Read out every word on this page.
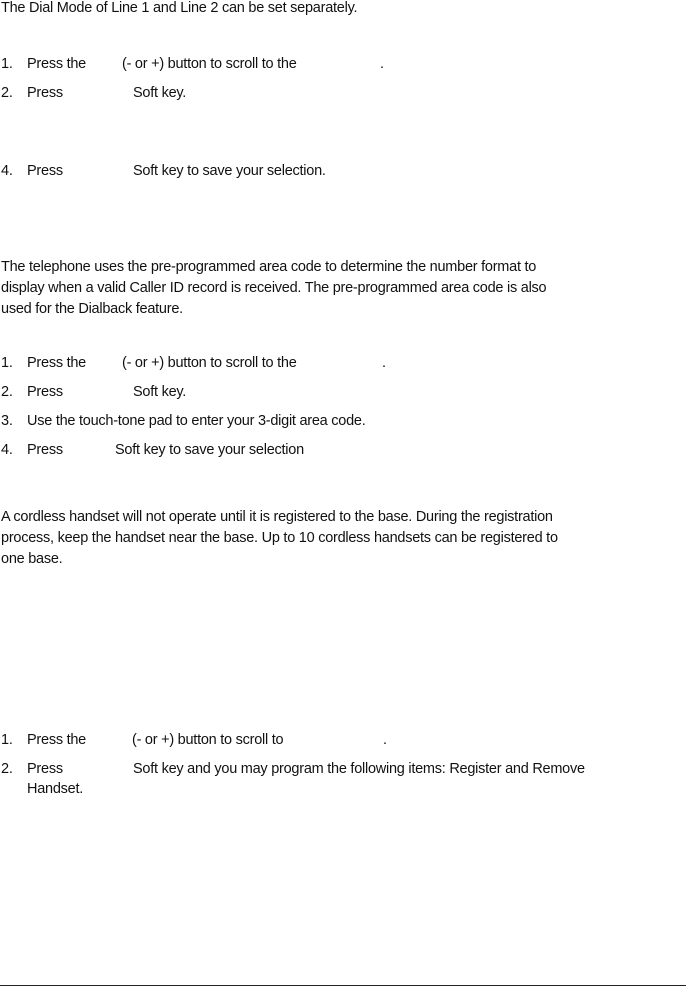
The Dial Mode of Line 1 and Line 2 can be set separately.

1. Press the (- or +) button to scroll to the	.
2. Press	Soft key.
4. Press	Soft key to save your selection.

The telephone uses the pre-programmed area code to determine the number format to
display when a valid Caller ID record is received. The pre-programmed area code is also
used for the Dialback feature.

1. Press the (- or +) button to scroll to the	.
2. Press	Soft key.
3. Use the touch-tone pad to enter your 3-digit area code.
4. Press	Soft key to save your selection

A cordless handset will not operate until it is registered to the base. During the registration
process, keep the handset near the base. Up to 10 cordless handsets can be registered to
one base.

1. Press the	(- or +) button to scroll to	.
2. Press	Soft key and you may program the following items: Register and Remove
Handset.
